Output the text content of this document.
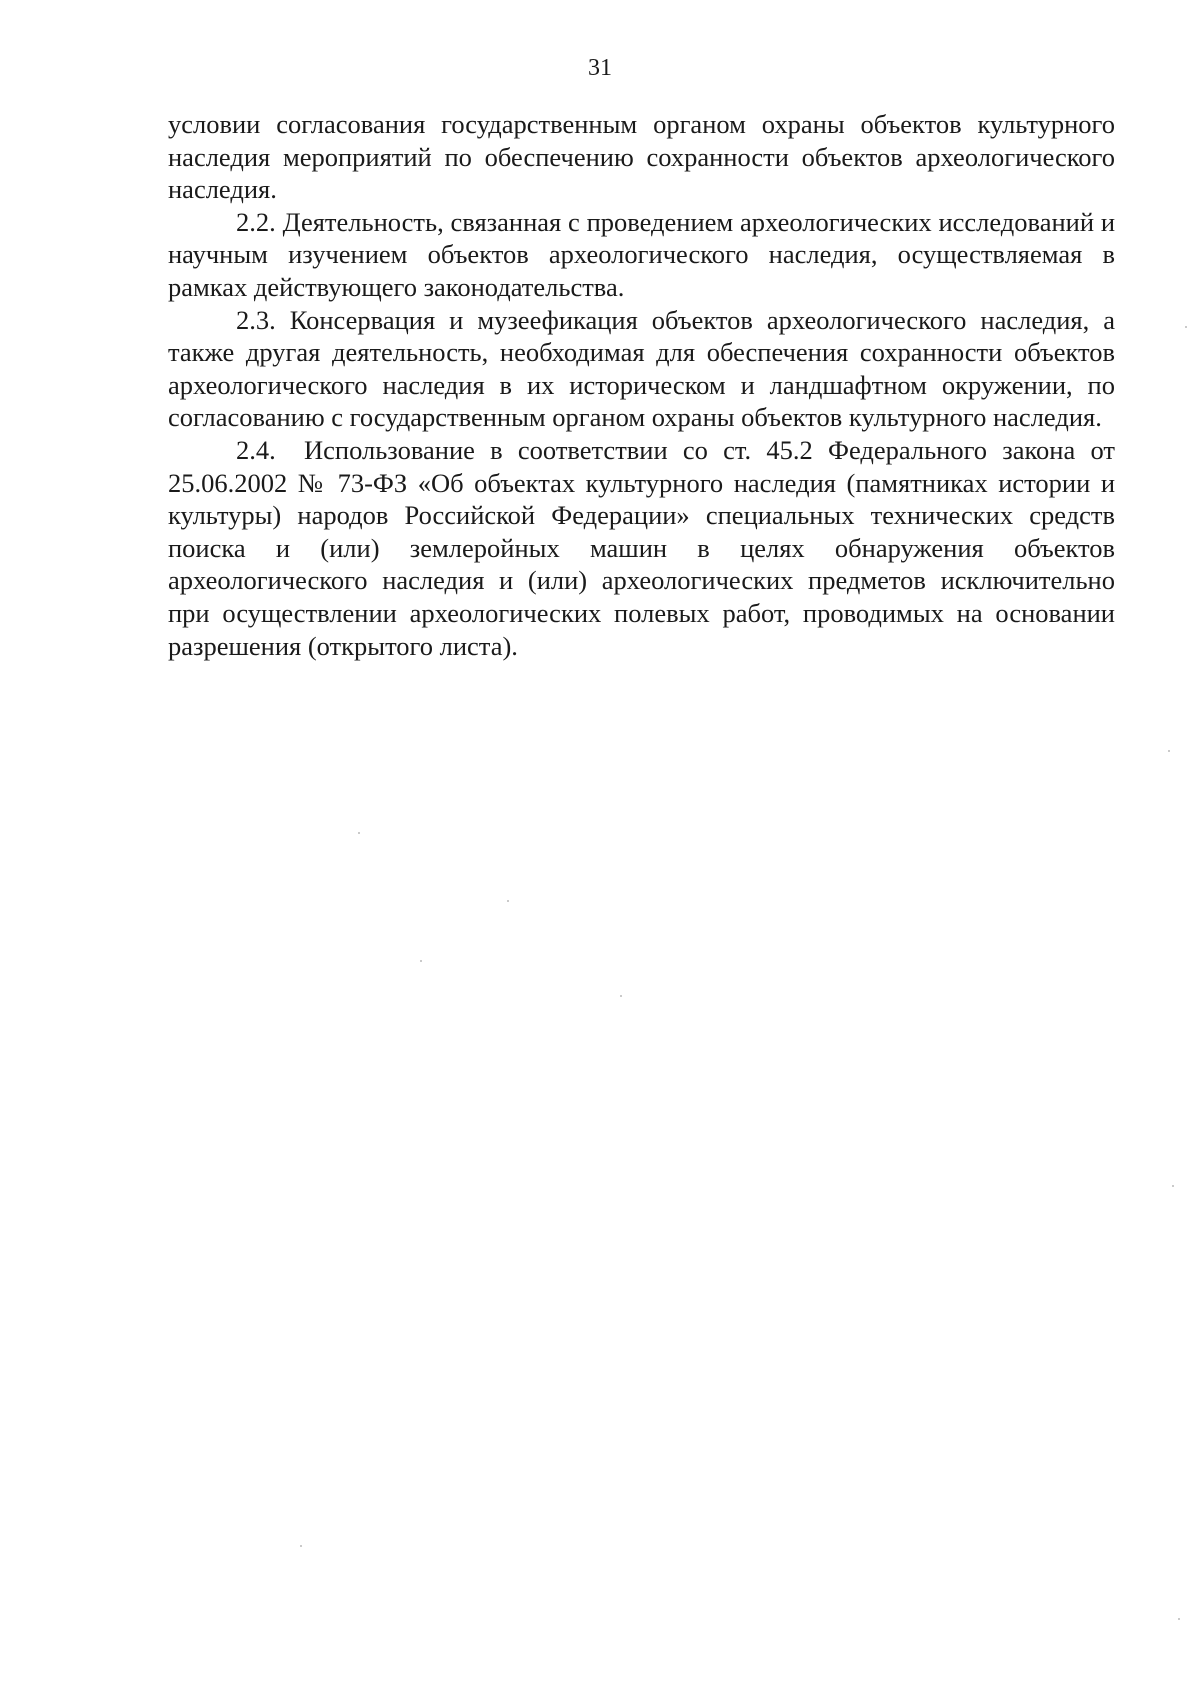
31

условии согласования государственным органом охраны объектов культурного наследия мероприятий по обеспечению сохранности объектов археологического наследия.

2.2. Деятельность, связанная с проведением археологических исследований и научным изучением объектов археологического наследия, осуществляемая в рамках действующего законодательства.

2.3. Консервация и музеефикация объектов археологического наследия, а также другая деятельность, необходимая для обеспечения сохранности объектов археологического наследия в их историческом и ландшафтном окружении, по согласованию с государственным органом охраны объектов культурного наследия.

2.4. Использование в соответствии со ст. 45.2 Федерального закона от 25.06.2002 № 73-ФЗ «Об объектах культурного наследия (памятниках истории и культуры) народов Российской Федерации» специальных технических средств поиска и (или) землеройных машин в целях обнаружения объектов археологического наследия и (или) археологических предметов исключительно при осуществлении археологических полевых работ, проводимых на основании разрешения (открытого листа).
